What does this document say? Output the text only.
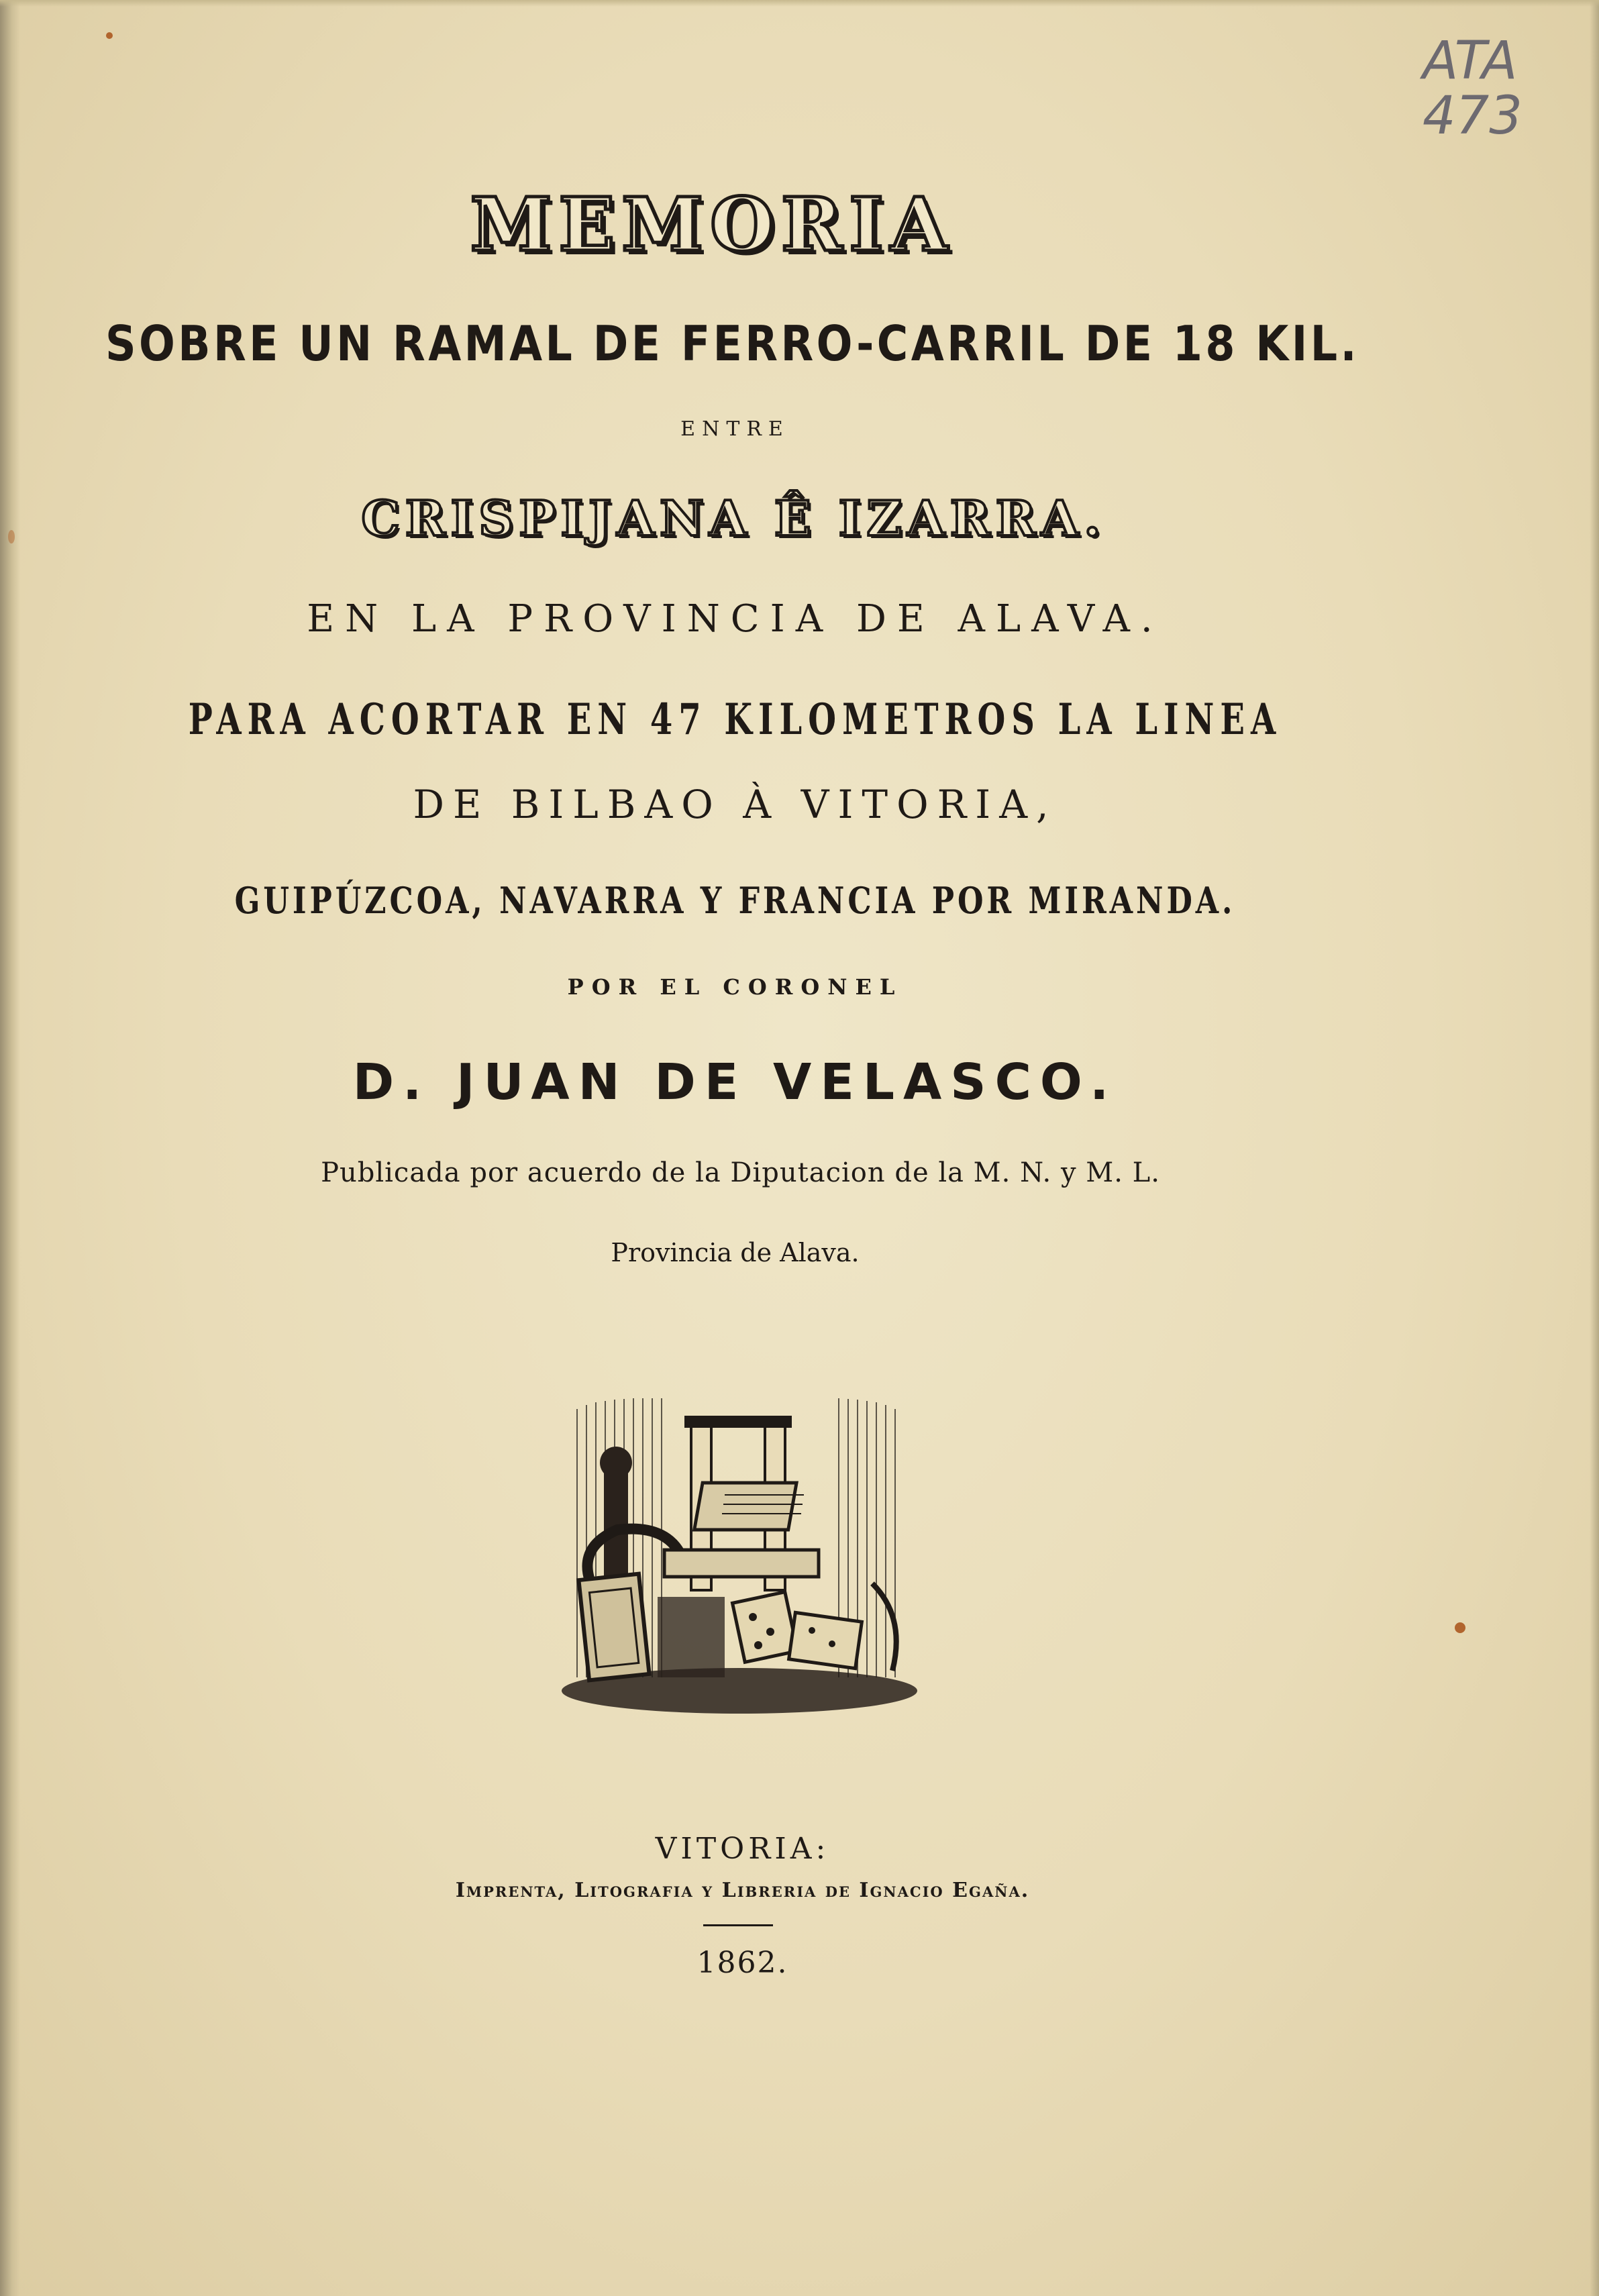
ATA
473
MEMORIA
SOBRE UN RAMAL DE FERRO-CARRIL DE 18 KIL.
ENTRE
CRISPIJANA Ê IZARRA.
EN LA PROVINCIA DE ALAVA.
PARA ACORTAR EN 47 KILOMETROS LA LINEA
DE BILBAO À VITORIA,
GUIPÚZCOA, NAVARRA Y FRANCIA POR MIRANDA.
POR EL CORONEL
D. JUAN DE VELASCO.
Publicada por acuerdo de la Diputacion de la M. N. y M. L.
Provincia de Alava.
VITORIA:
Imprenta, Litografia y Libreria de Ignacio Egaña.
1862.
